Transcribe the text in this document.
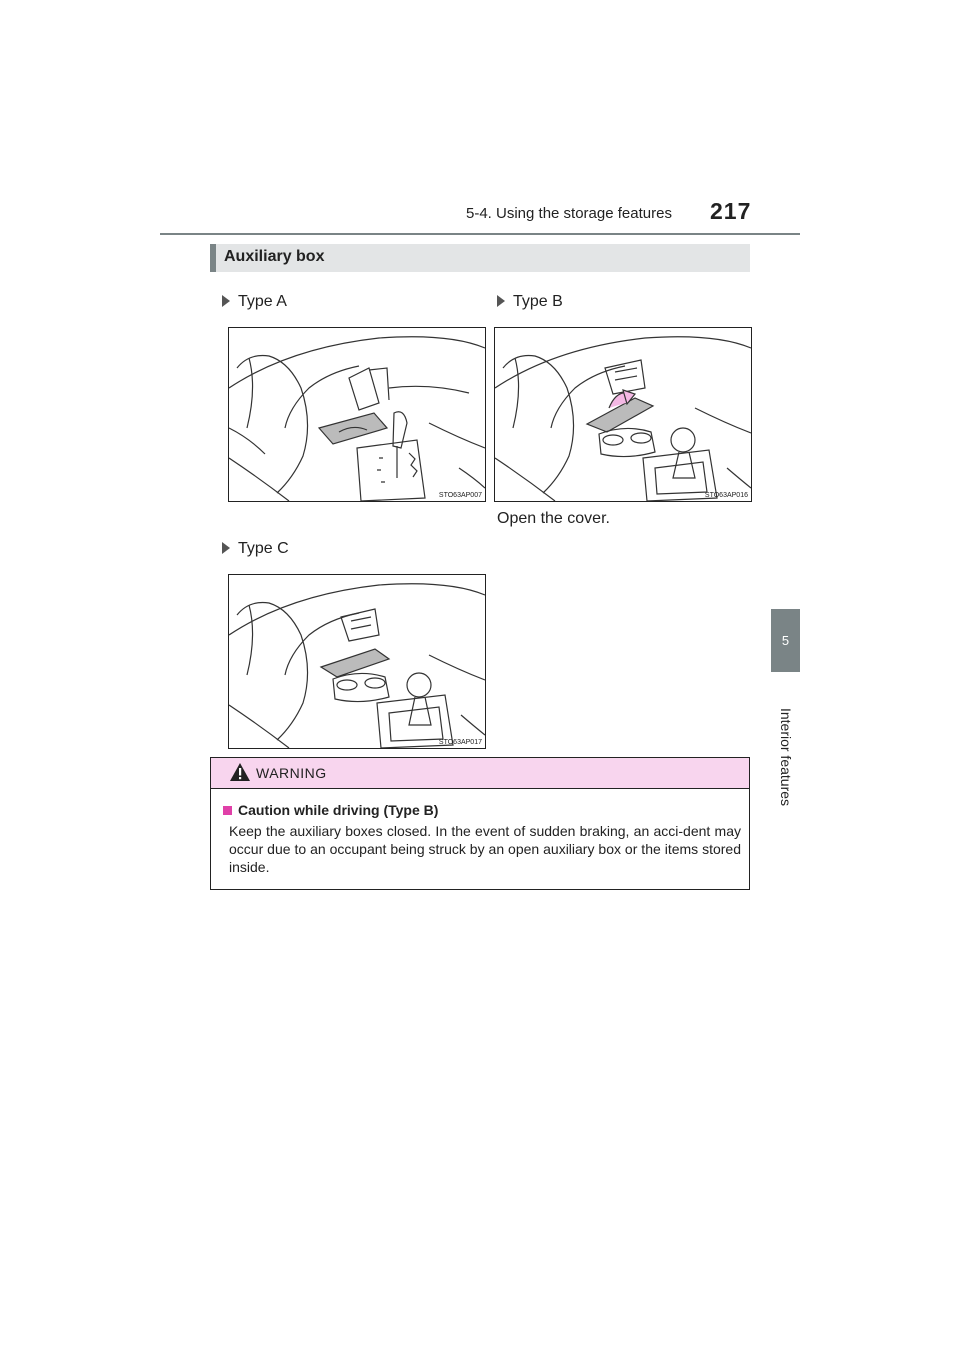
5-4. Using the storage features 217
5
Interior features
Auxiliary box
Type A
STO63AP007
Type B
STO63AP016
Open the cover.
Type C
STO63AP017
WARNING
Caution while driving (Type B)
Keep the auxiliary boxes closed. In the event of sudden braking, an acci-dent may occur due to an occupant being struck by an open auxiliary box or the items stored inside.
